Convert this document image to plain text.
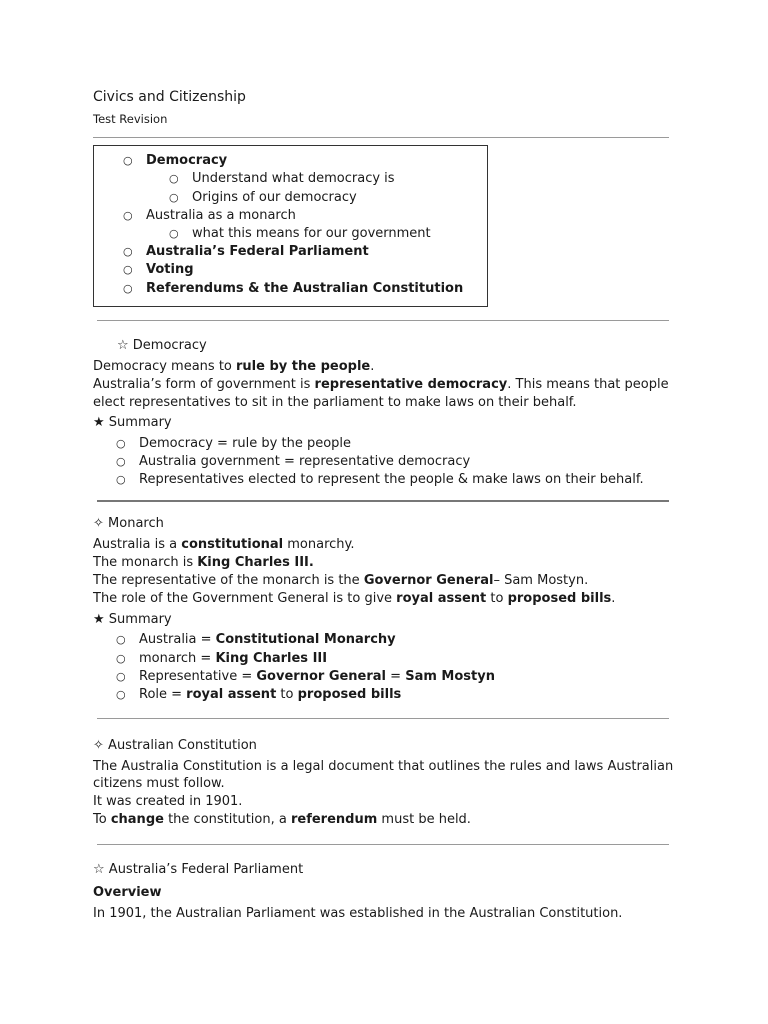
Civics and Citizenship
Test Revision
○ Democracy
○ Understand what democracy is
○ Origins of our democracy
○ Australia as a monarch
○ what this means for our government
○ Australia’s Federal Parliament
○ Voting
○ Referendums & the Australian Constitution
☆ Democracy
Democracy means to rule by the people.
Australia’s form of government is representative democracy. This means that people
elect representatives to sit in the parliament to make laws on their behalf.
★ Summary
○ Democracy = rule by the people
○ Australia government = representative democracy
○ Representatives elected to represent the people & make laws on their behalf.
✧ Monarch
Australia is a constitutional monarchy.
The monarch is King Charles III.
The representative of the monarch is the Governor General– Sam Mostyn.
The role of the Government General is to give royal assent to proposed bills.
★ Summary
○ Australia = Constitutional Monarchy
○ monarch = King Charles III
○ Representative = Governor General = Sam Mostyn
○ Role = royal assent to proposed bills
✧ Australian Constitution
The Australia Constitution is a legal document that outlines the rules and laws Australian
citizens must follow.
It was created in 1901.
To change the constitution, a referendum must be held.
☆ Australia’s Federal Parliament
Overview
In 1901, the Australian Parliament was established in the Australian Constitution.
